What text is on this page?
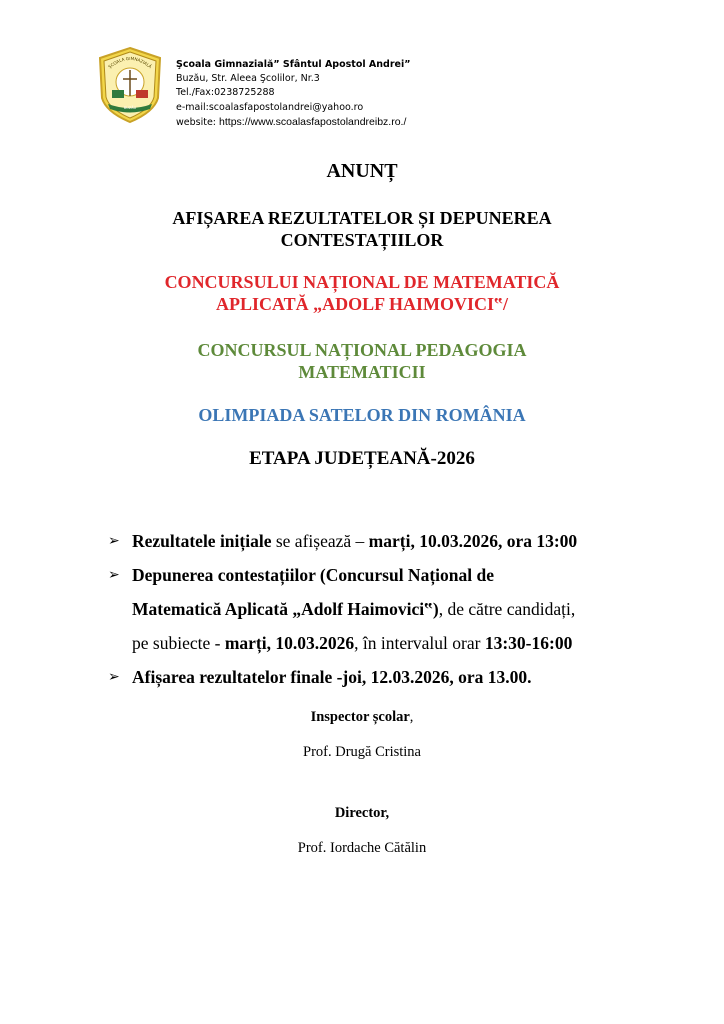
ŞCOALA GIMNAZIALĂ
BUZĂU
Şcoala Gimnazială” Sfântul Apostol Andrei”
Buzău, Str. Aleea Şcolilor, Nr.3
Tel./Fax:0238725288
e-mail:scoalasfapostolandrei@yahoo.ro
website: https://www.scoalasfapostolandreibz.ro./
ANUNȚ
AFIȘAREA REZULTATELOR ȘI DEPUNEREA
CONTESTAȚIILOR
CONCURSULUI NAȚIONAL DE MATEMATICĂ
APLICATĂ „ADOLF HAIMOVICI‟/
CONCURSUL NAȚIONAL PEDAGOGIA
MATEMATICII
OLIMPIADA SATELOR DIN ROMÂNIA
ETAPA JUDEȚEANĂ-2026
➢ Rezultatele inițiale se afișează – marți, 10.03.2026, ora 13:00
➢ Depunerea contestațiilor (Concursul Național de
Matematică Aplicată „Adolf Haimovici‟), de către candidați,
pe subiecte - marți, 10.03.2026, în intervalul orar 13:30-16:00
➢ Afișarea rezultatelor finale -joi, 12.03.2026, ora 13.00.
Inspector școlar,
Prof. Drugă Cristina
Director,
Prof. Iordache Cătălin
